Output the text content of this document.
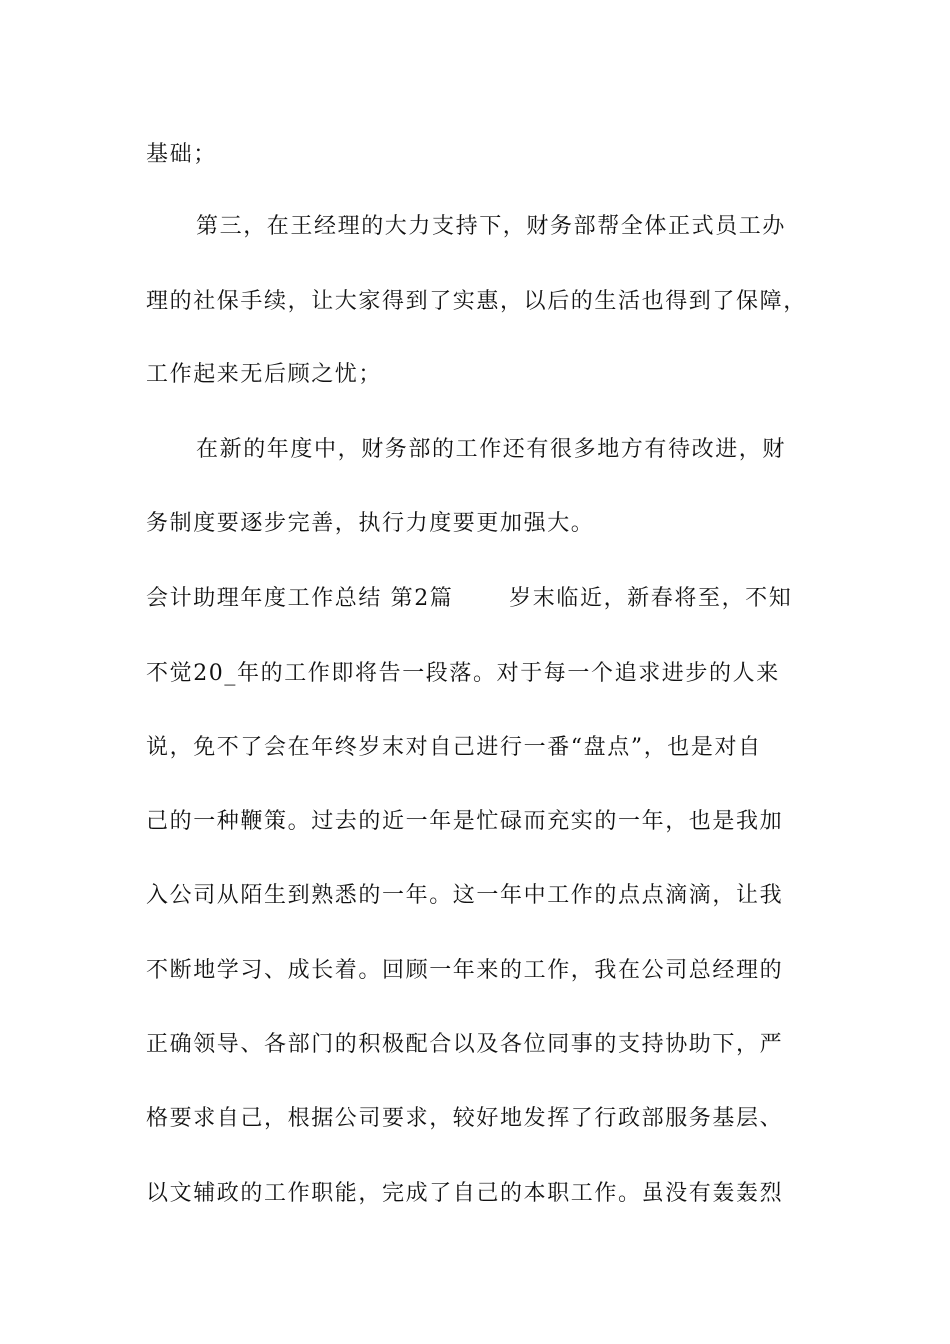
基础；
第三，在王经理的大力支持下，财务部帮全体正式员工办
理的社保手续，让大家得到了实惠，以后的生活也得到了保障，
工作起来无后顾之忧；
在新的年度中，财务部的工作还有很多地方有待改进，财
务制度要逐步完善，执行力度要更加强大。
会计助理年度工作总结 第2篇 　　岁末临近，新春将至，不知
不觉20_年的工作即将告一段落。对于每一个追求进步的人来
说，免不了会在年终岁末对自己进行一番“盘点”，也是对自
己的一种鞭策。过去的近一年是忙碌而充实的一年，也是我加
入公司从陌生到熟悉的一年。这一年中工作的点点滴滴，让我
不断地学习、成长着。回顾一年来的工作，我在公司总经理的
正确领导、各部门的积极配合以及各位同事的支持协助下，严
格要求自己，根据公司要求，较好地发挥了行政部服务基层、
以文辅政的工作职能，完成了自己的本职工作。虽没有轰轰烈
